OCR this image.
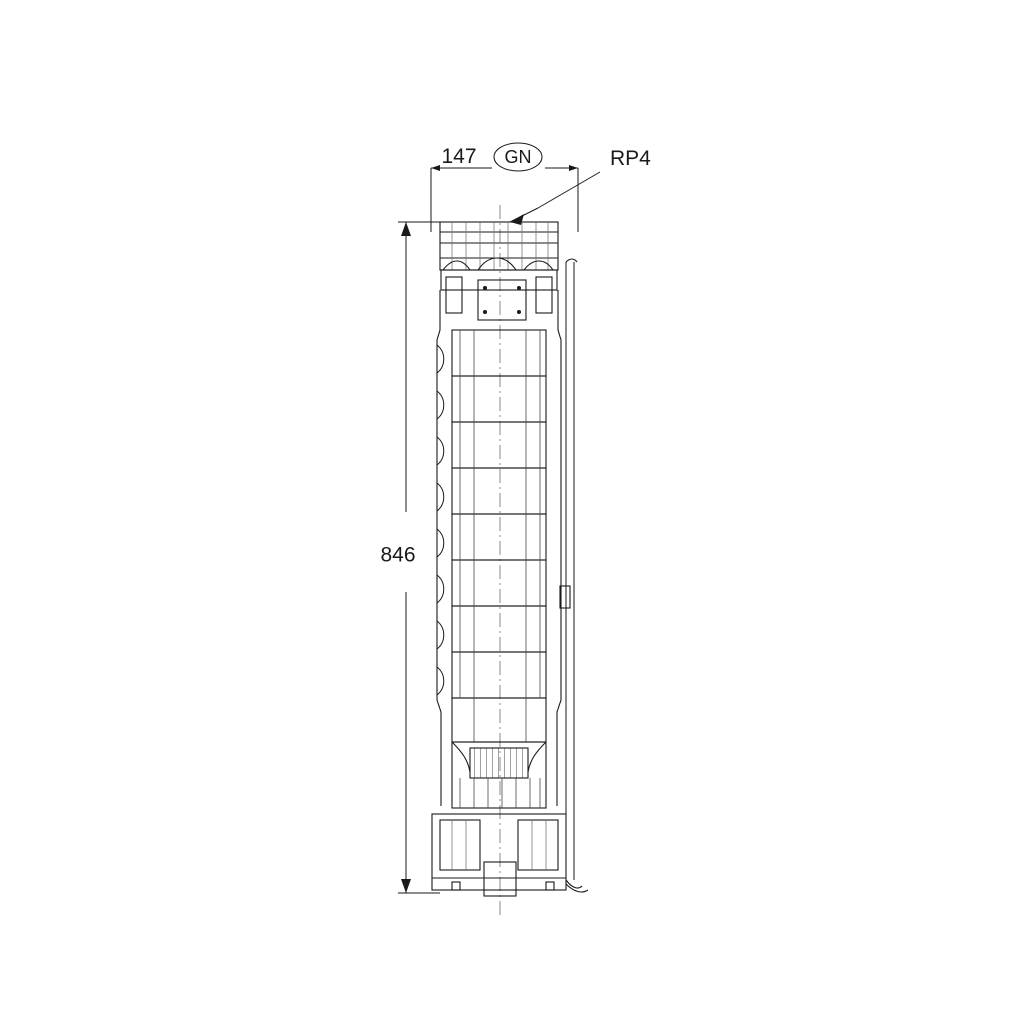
147 GN	RP4
846
